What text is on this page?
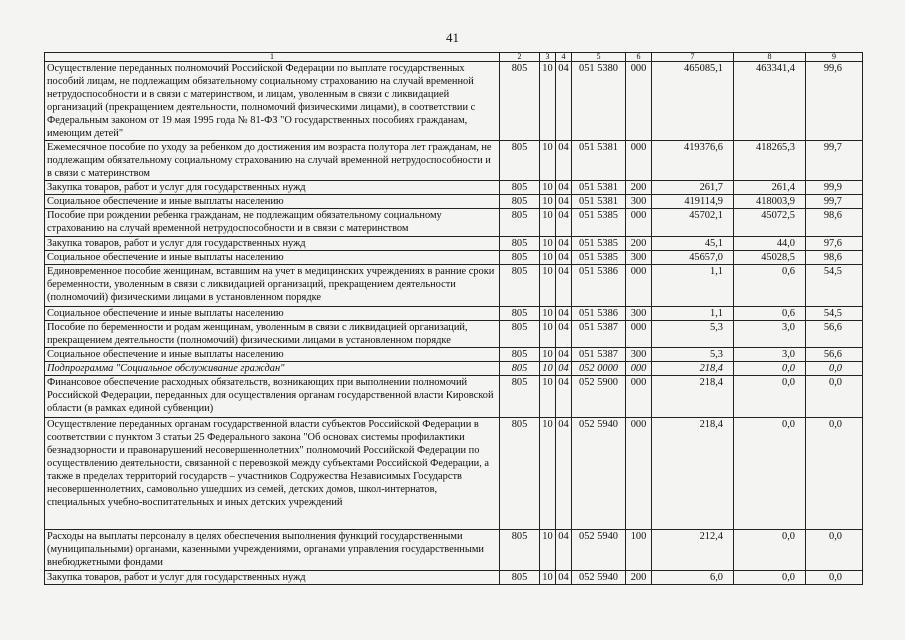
41
1	2	3	4	5	6	7	8	9
Осуществление переданных полномочий Российской Федерации по выплате государственных пособий лицам, не подлежащим обязательному социальному страхованию на случай временной нетрудоспособности и в связи с материнством, и лицам, уволенным в связи с ликвидацией организаций (прекращением деятельности, полномочий физическими лицами), в соответствии с Федеральным законом от 19 мая 1995 года № 81-ФЗ "О государственных пособиях гражданам, имеющим детей"	805	10	04	051 5380	000	465085,1	463341,4	99,6
Ежемесячное пособие по уходу за ребенком до достижения им возраста полутора лет гражданам, не подлежащим обязательному социальному страхованию на случай временной нетрудоспособности и в связи с материнством	805	10	04	051 5381	000	419376,6	418265,3	99,7
Закупка товаров, работ и услуг для государственных нужд	805	10	04	051 5381	200	261,7	261,4	99,9
Социальное обеспечение и иные выплаты населению	805	10	04	051 5381	300	419114,9	418003,9	99,7
Пособие при рождении ребенка гражданам, не подлежащим обязательному социальному страхованию на случай временной нетрудоспособности и в связи с материнством	805	10	04	051 5385	000	45702,1	45072,5	98,6
Закупка товаров, работ и услуг для государственных нужд	805	10	04	051 5385	200	45,1	44,0	97,6
Социальное обеспечение и иные выплаты населению	805	10	04	051 5385	300	45657,0	45028,5	98,6
Единовременное пособие женщинам, вставшим на учет в медицинских учреждениях в ранние сроки беременности, уволенным в связи с ликвидацией организаций, прекращением деятельности (полномочий) физическими лицами в установленном порядке	805	10	04	051 5386	000	1,1	0,6	54,5
Социальное обеспечение и иные выплаты населению	805	10	04	051 5386	300	1,1	0,6	54,5
Пособие по беременности и родам женщинам, уволенным в связи с ликвидацией организаций, прекращением деятельности (полномочий) физическими лицами в установленном порядке	805	10	04	051 5387	000	5,3	3,0	56,6
Социальное обеспечение и иные выплаты населению	805	10	04	051 5387	300	5,3	3,0	56,6
Подпрограмма "Социальное обслуживание граждан"	805	10	04	052 0000	000	218,4	0,0	0,0
Финансовое обеспечение расходных обязательств, возникающих при выполнении полномочий Российской Федерации, переданных для осуществления органам государственной власти Кировской области (в рамках единой субвенции)	805	10	04	052 5900	000	218,4	0,0	0,0
Осуществление переданных органам государственной власти субъектов Российской Федерации в соответствии с пунктом 3 статьи 25 Федерального закона "Об основах системы профилактики безнадзорности и правонарушений несовершеннолетних" полномочий Российской Федерации по осуществлению деятельности, связанной с перевозкой между субъектами Российской Федерации, а также в пределах территорий государств – участников Содружества Независимых Государств несовершеннолетних, самовольно ушедших из семей, детских домов, школ-интернатов, специальных учебно-воспитательных и иных детских учреждений	805	10	04	052 5940	000	218,4	0,0	0,0
Расходы на выплаты персоналу в целях обеспечения выполнения функций государственными (муниципальными) органами, казенными учреждениями, органами управления государственными внебюджетными фондами	805	10	04	052 5940	100	212,4	0,0	0,0
Закупка товаров, работ и услуг для государственных нужд	805	10	04	052 5940	200	6,0	0,0	0,0
